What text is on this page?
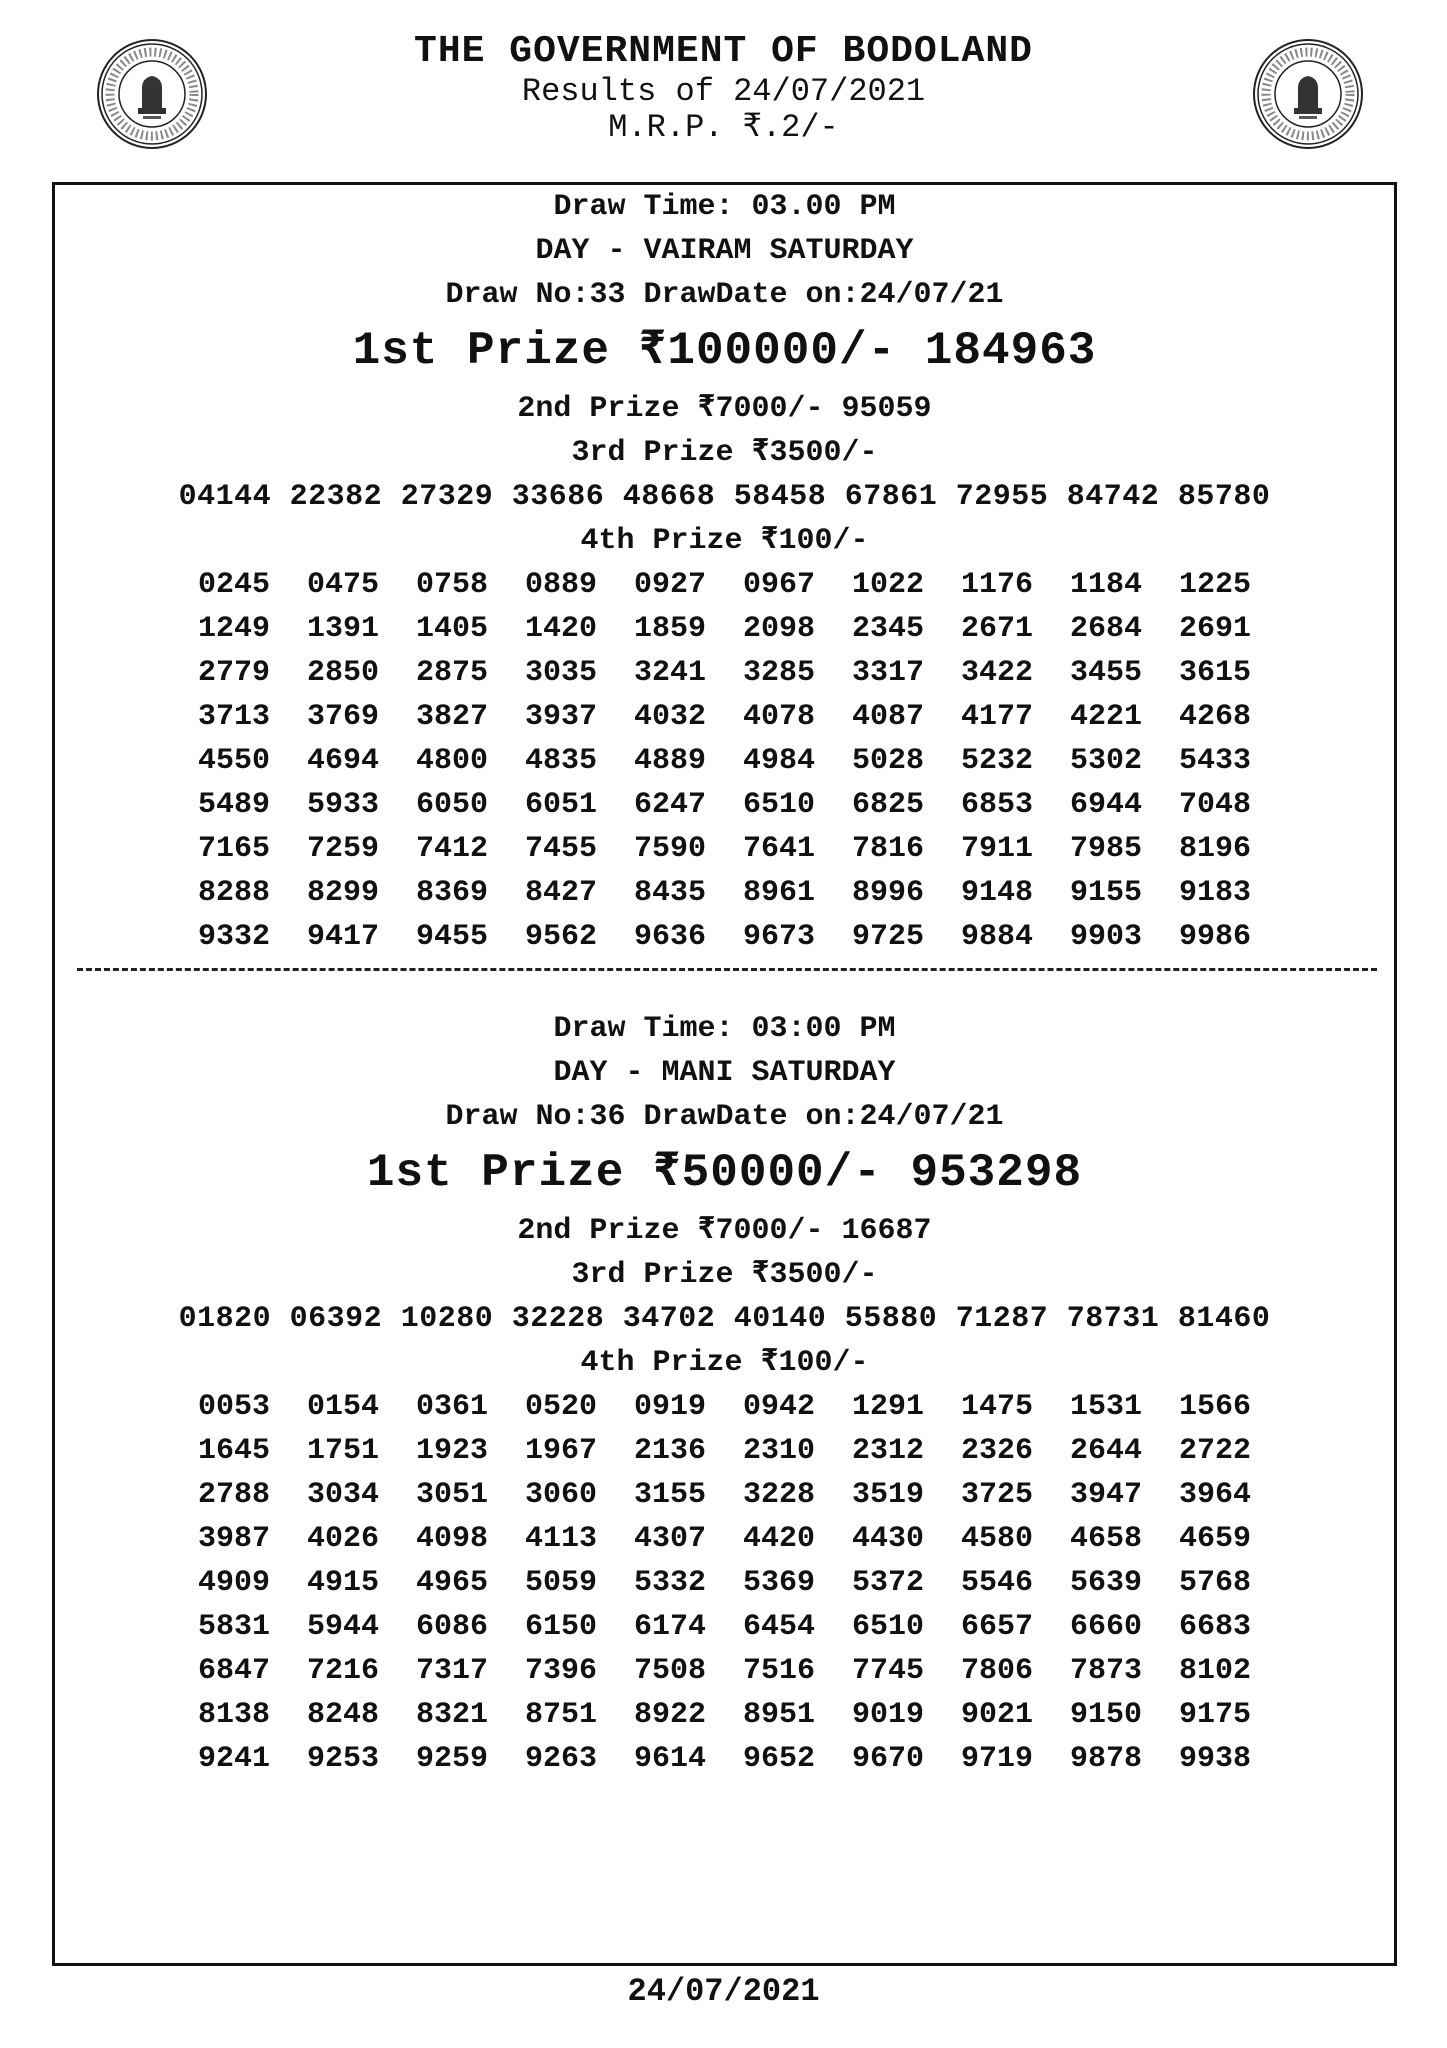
THE GOVERNMENT OF BODOLAND
Results of 24/07/2021
M.R.P. ₹.2/-
Draw Time: 03.00 PM
DAY - VAIRAM SATURDAY
Draw No:33 DrawDate on:24/07/21
1st Prize ₹100000/- 184963
2nd Prize ₹7000/- 95059
3rd Prize ₹3500/-
04144 22382 27329 33686 48668 58458 67861 72955 84742 85780
4th Prize ₹100/-
0245	0475	0758	0889	0927	0967	1022	1176	1184	1225
1249	1391	1405	1420	1859	2098	2345	2671	2684	2691
2779	2850	2875	3035	3241	3285	3317	3422	3455	3615
3713	3769	3827	3937	4032	4078	4087	4177	4221	4268
4550	4694	4800	4835	4889	4984	5028	5232	5302	5433
5489	5933	6050	6051	6247	6510	6825	6853	6944	7048
7165	7259	7412	7455	7590	7641	7816	7911	7985	8196
8288	8299	8369	8427	8435	8961	8996	9148	9155	9183
9332	9417	9455	9562	9636	9673	9725	9884	9903	9986
Draw Time: 03:00 PM
DAY - MANI SATURDAY
Draw No:36 DrawDate on:24/07/21
1st Prize ₹50000/- 953298
2nd Prize ₹7000/- 16687
3rd Prize ₹3500/-
01820 06392 10280 32228 34702 40140 55880 71287 78731 81460
4th Prize ₹100/-
0053	0154	0361	0520	0919	0942	1291	1475	1531	1566
1645	1751	1923	1967	2136	2310	2312	2326	2644	2722
2788	3034	3051	3060	3155	3228	3519	3725	3947	3964
3987	4026	4098	4113	4307	4420	4430	4580	4658	4659
4909	4915	4965	5059	5332	5369	5372	5546	5639	5768
5831	5944	6086	6150	6174	6454	6510	6657	6660	6683
6847	7216	7317	7396	7508	7516	7745	7806	7873	8102
8138	8248	8321	8751	8922	8951	9019	9021	9150	9175
9241	9253	9259	9263	9614	9652	9670	9719	9878	9938
24/07/2021
